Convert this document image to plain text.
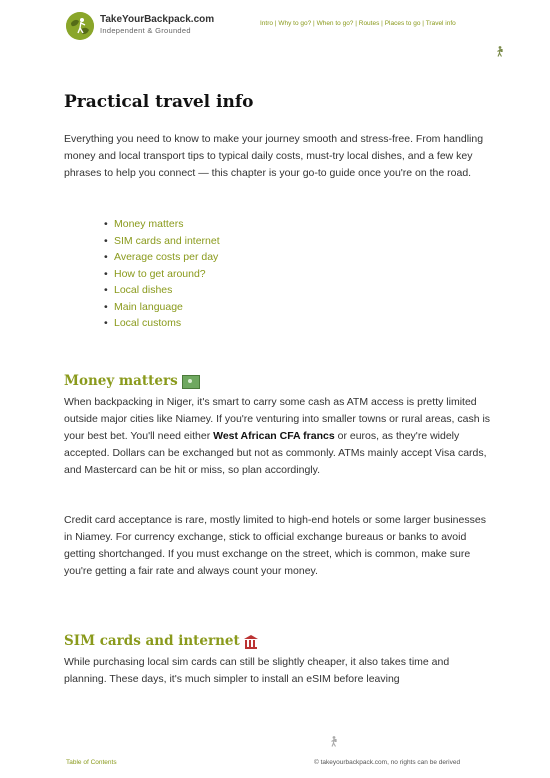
TakeYourBackpack.com
Independent & Grounded
Intro | Why to go? | When to go? | Routes | Places to go | Travel info
Practical travel info

Everything you need to know to make your journey smooth and stress-free. From handling money and local transport tips to typical daily costs, must-try local dishes, and a few key phrases to help you connect — this chapter is your go-to guide once you're on the road.

• Money matters
• SIM cards and internet
• Average costs per day
• How to get around?
• Local dishes
• Main language
• Local customs
Money matters

When backpacking in Niger, it's smart to carry some cash as ATM access is pretty limited outside major cities like Niamey. If you're venturing into smaller towns or rural areas, cash is your best bet. You'll need either West African CFA francs or euros, as they're widely accepted. Dollars can be exchanged but not as commonly. ATMs mainly accept Visa cards, and Mastercard can be hit or miss, so plan accordingly.

Credit card acceptance is rare, mostly limited to high-end hotels or some larger businesses in Niamey. For currency exchange, stick to official exchange bureaus or banks to avoid getting shortchanged. If you must exchange on the street, which is common, make sure you're getting a fair rate and always count your money.

SIM cards and internet

While purchasing local sim cards can still be slightly cheaper, it also takes time and planning. These days, it's much simpler to install an eSIM before leaving

Table of Contents	© takeyourbackpack.com, no rights can be derived
